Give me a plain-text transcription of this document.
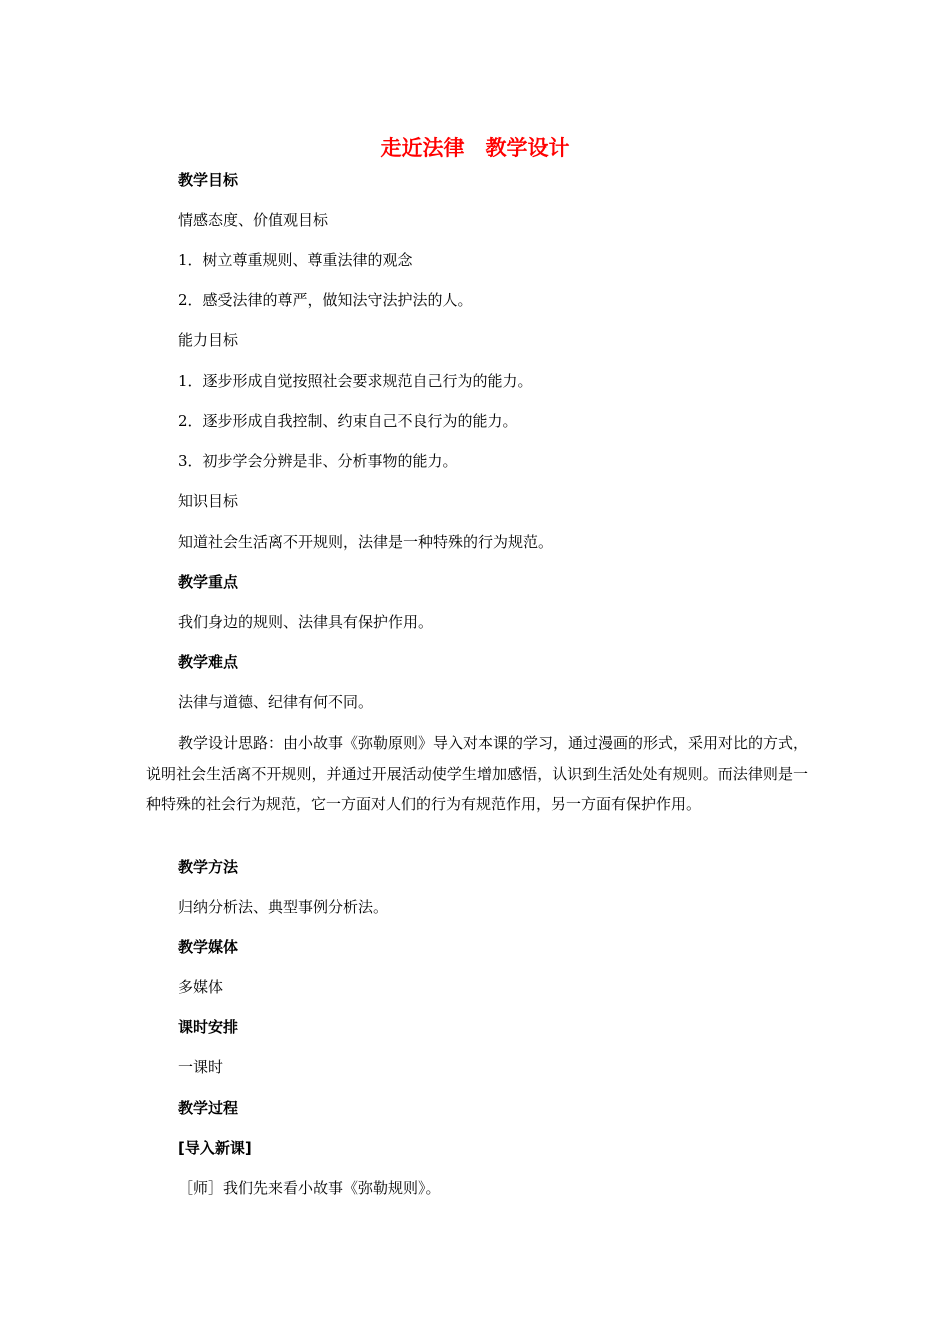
走近法律　教学设计

教学目标

情感态度、价值观目标

1．树立尊重规则、尊重法律的观念

2．感受法律的尊严，做知法守法护法的人。

能力目标

1．逐步形成自觉按照社会要求规范自己行为的能力。

2．逐步形成自我控制、约束自己不良行为的能力。

3．初步学会分辨是非、分析事物的能力。

知识目标

知道社会生活离不开规则，法律是一种特殊的行为规范。

教学重点

我们身边的规则、法律具有保护作用。

教学难点

法律与道德、纪律有何不同。

教学设计思路：由小故事《弥勒原则》导入对本课的学习，通过漫画的形式，采用对比的方式，说明社会生活离不开规则，并通过开展活动使学生增加感悟，认识到生活处处有规则。而法律则是一种特殊的社会行为规范，它一方面对人们的行为有规范作用，另一方面有保护作用。

教学方法

归纳分析法、典型事例分析法。

教学媒体

多媒体

课时安排

一课时

教学过程

[导入新课]

［师］我们先来看小故事《弥勒规则》。
